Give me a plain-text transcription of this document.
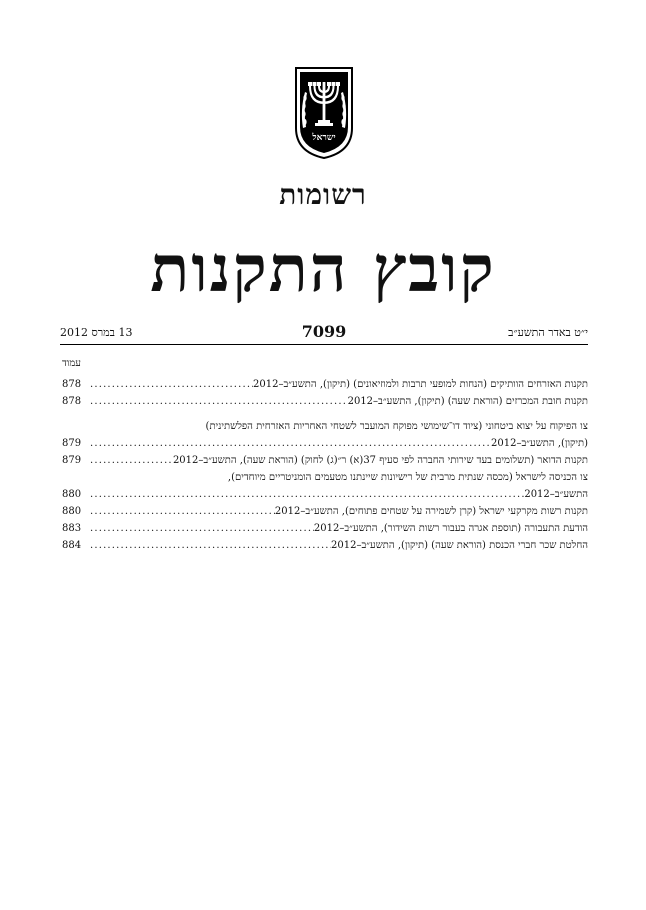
ישראל
רשומות
קובץ התקנות
7099	י״ט באדר התשע״ב
13 במרס 2012
עמוד
תקנות האזרחים הוותיקים (הנחות למופעי תרבות ולמוזיאונים) (תיקון), התשע״ב–2012
. . .
878
תקנות חובת המכרזים (הוראת שעה) (תיקון), התשע״ב–2012
. . .
878
צו הפיקוח על יצוא ביטחוני (ציוד דו־שימושי מפוקח המועבר לשטחי האחריות האזרחית הפלשתינית)
(תיקון), התשע״ב–2012
. . .
879
תקנות הדואר (תשלומים בעד שירותי החברה לפי סעיף 37(א) ר״(ג) לחוק) (הוראת שעה), התשע״ב–2012
. . .
879
צו הכניסה לישראל (מכסה שנתית מרבית של רישיונות שיינתנו מטעמים הומניטריים מיוחדים),
התשע״ב–2012
. . .
880
תקנות רשות מקרקעי ישראל (קרן לשמירה על שטחים פתוחים), התשע״ב–2012
. . .
880
הודעת התעבורה (תוספת אגרה בעבור רשות השידור), התשע״ב–2012
. . .
883
החלטת שכר חברי הכנסת (הוראת שעה) (תיקון), התשע״ב–2012
. . .
884
